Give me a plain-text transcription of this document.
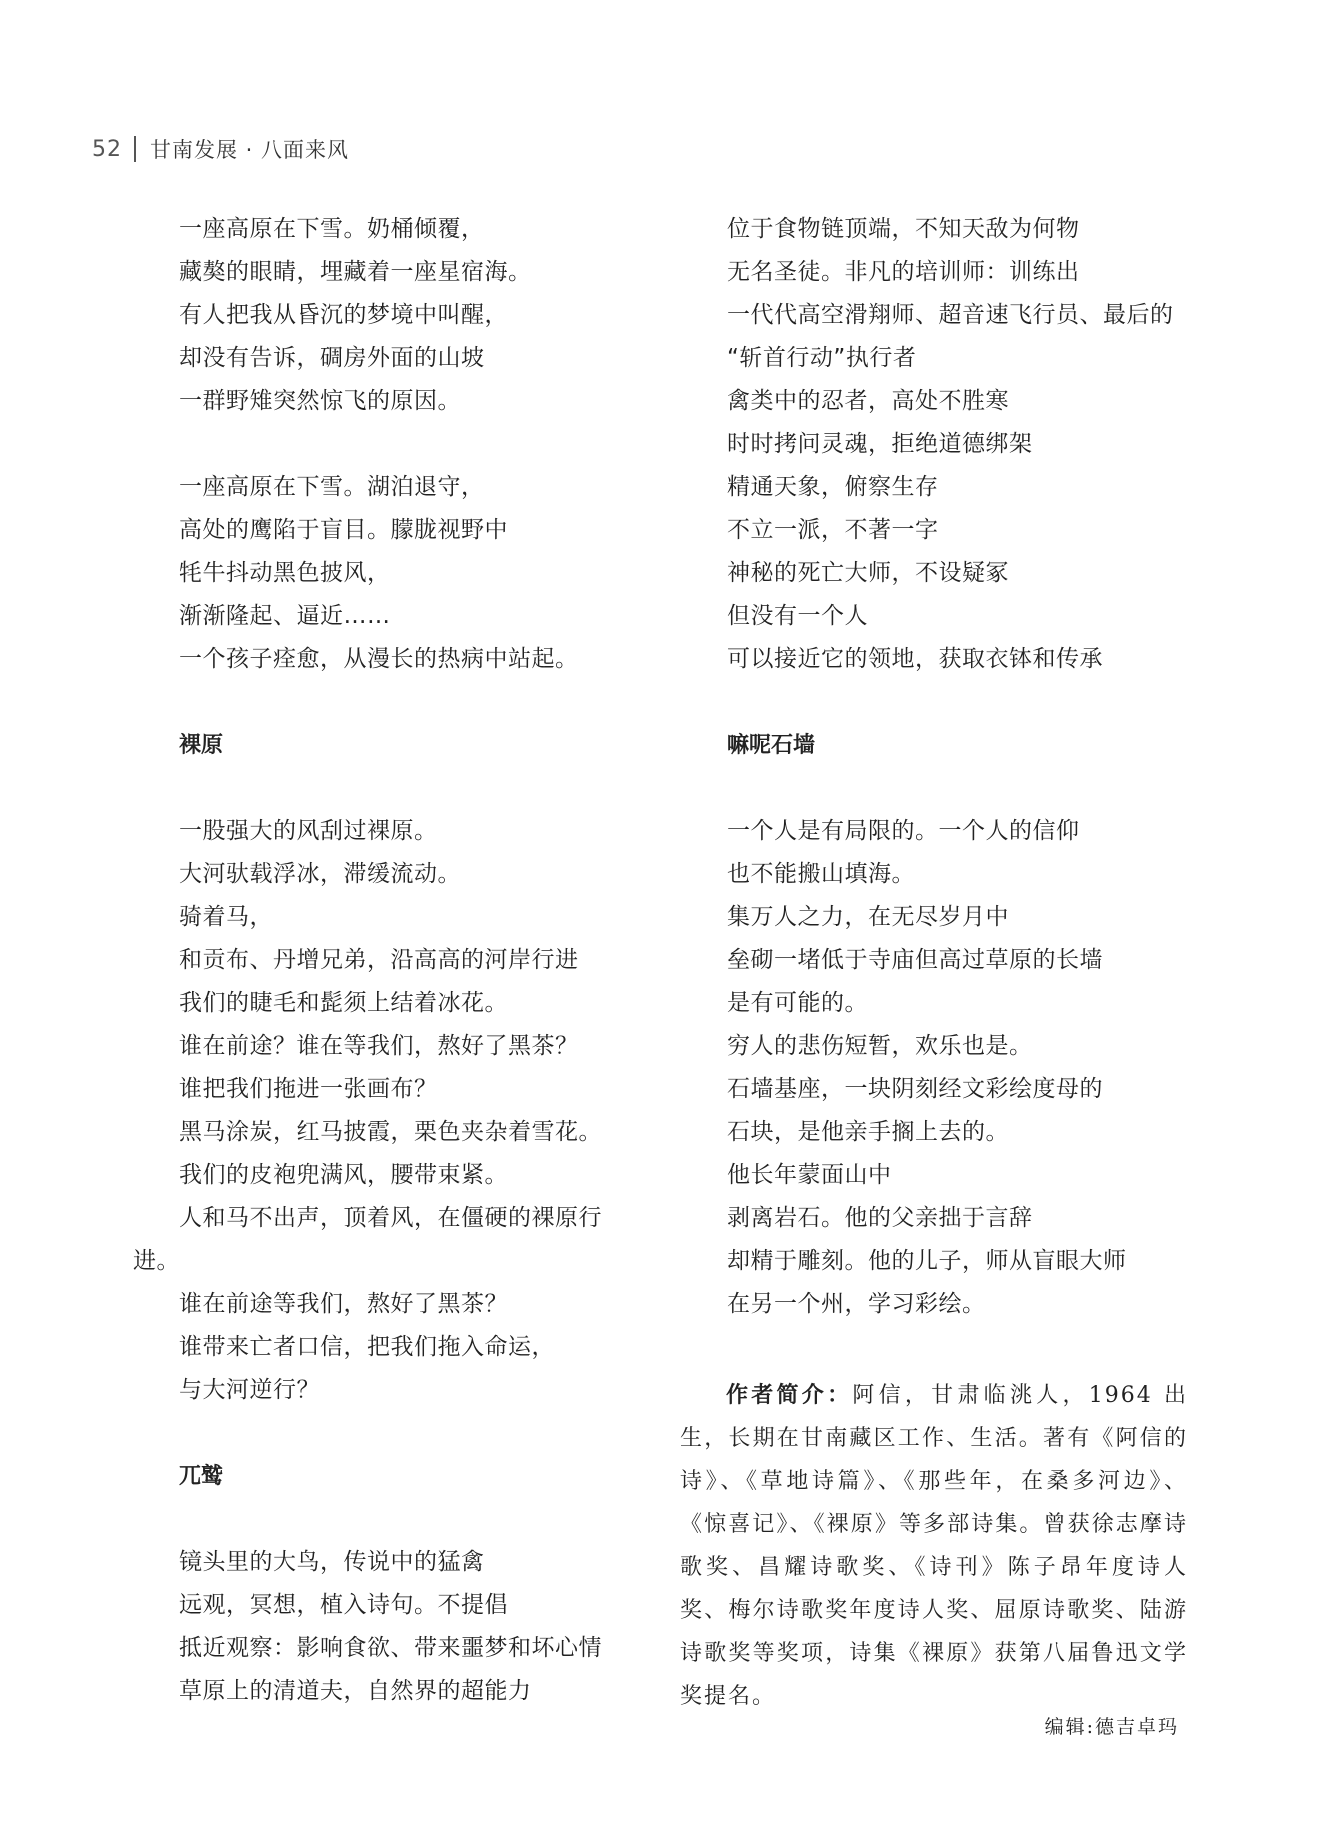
52 甘南发展 · 八面来风
一座高原在下雪。奶桶倾覆，
藏獒的眼睛，埋藏着一座星宿海。
有人把我从昏沉的梦境中叫醒，
却没有告诉，碉房外面的山坡
一群野雉突然惊飞的原因。
一座高原在下雪。湖泊退守，
高处的鹰陷于盲目。朦胧视野中
牦牛抖动黑色披风，
渐渐隆起、逼近……
一个孩子痊愈，从漫长的热病中站起。
裸原
一股强大的风刮过裸原。
大河驮载浮冰，滞缓流动。
骑着马，
和贡布、丹增兄弟，沿高高的河岸行进
我们的睫毛和髭须上结着冰花。
谁在前途？谁在等我们，熬好了黑茶？
谁把我们拖进一张画布？
黑马涂炭，红马披霞，栗色夹杂着雪花。
我们的皮袍兜满风，腰带束紧。
人和马不出声，顶着风，在僵硬的裸原行
进。
谁在前途等我们，熬好了黑茶？
谁带来亡者口信，把我们拖入命运，
与大河逆行？
兀鹫
镜头里的大鸟，传说中的猛禽
远观，冥想，植入诗句。不提倡
抵近观察：影响食欲、带来噩梦和坏心情
草原上的清道夫，自然界的超能力
位于食物链顶端，不知天敌为何物
无名圣徒。非凡的培训师：训练出
一代代高空滑翔师、超音速飞行员、最后的
“斩首行动”执行者
禽类中的忍者，高处不胜寒
时时拷问灵魂，拒绝道德绑架
精通天象，俯察生存
不立一派，不著一字
神秘的死亡大师，不设疑冢
但没有一个人
可以接近它的领地，获取衣钵和传承
嘛呢石墙
一个人是有局限的。一个人的信仰
也不能搬山填海。
集万人之力，在无尽岁月中
垒砌一堵低于寺庙但高过草原的长墙
是有可能的。
穷人的悲伤短暂，欢乐也是。
石墙基座，一块阴刻经文彩绘度母的
石块，是他亲手搁上去的。
他长年蒙面山中
剥离岩石。他的父亲拙于言辞
却精于雕刻。他的儿子，师从盲眼大师
在另一个州，学习彩绘。
作者简介：阿信，甘肃临洮人，1964 出生，长期在甘南藏区工作、生活。著有《阿信的诗》、《草地诗篇》、《那些年，在桑多河边》、《惊喜记》、《裸原》等多部诗集。曾获徐志摩诗歌奖、昌耀诗歌奖、《诗刊》陈子昂年度诗人奖、梅尔诗歌奖年度诗人奖、屈原诗歌奖、陆游诗歌奖等奖项，诗集《裸原》获第八届鲁迅文学奖提名。
编辑:德吉卓玛
